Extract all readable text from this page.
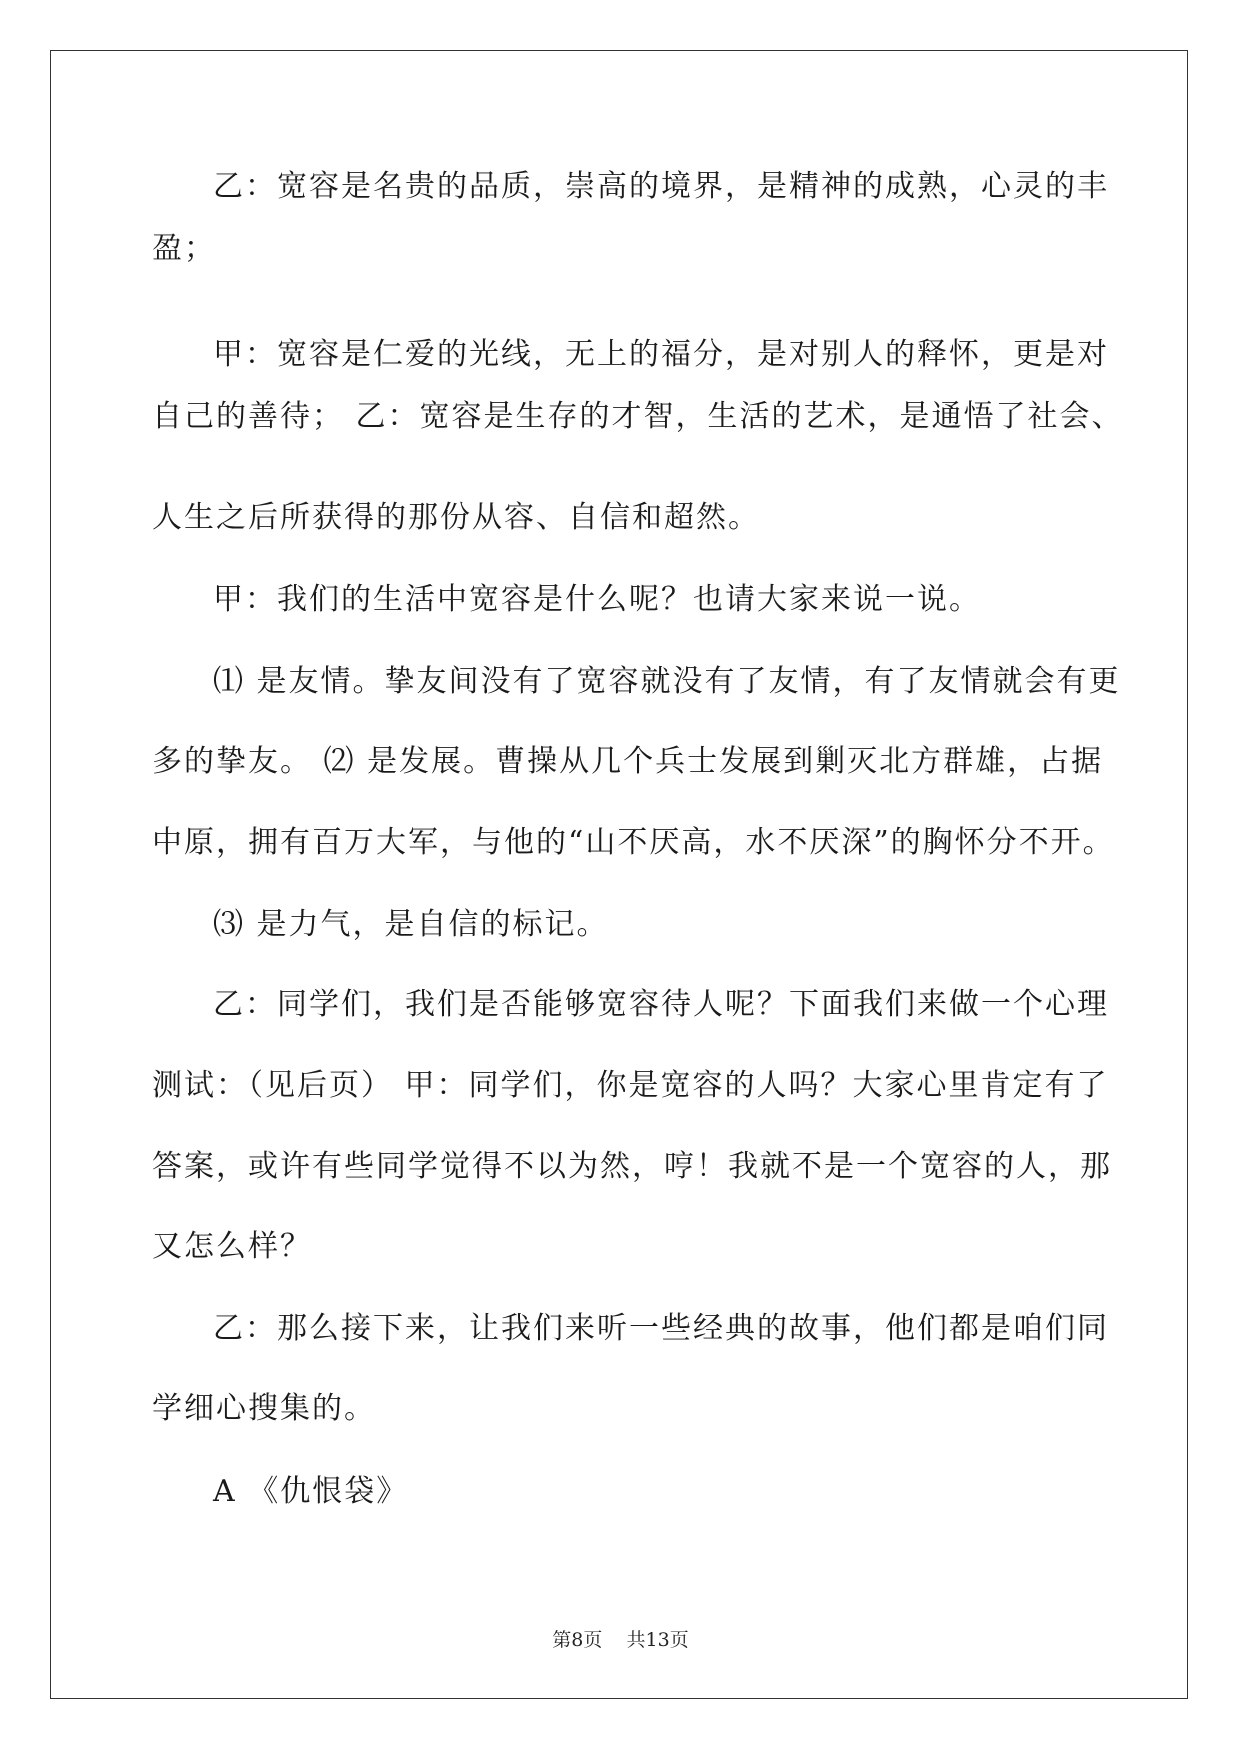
乙：宽容是名贵的品质，崇高的境界，是精神的成熟，心灵的丰
盈；
甲：宽容是仁爱的光线，无上的福分，是对别人的释怀，更是对
自己的善待； 乙：宽容是生存的才智，生活的艺术，是通悟了社会、
人生之后所获得的那份从容、自信和超然。
甲：我们的生活中宽容是什么呢？也请大家来说一说。
⑴ 是友情。挚友间没有了宽容就没有了友情，有了友情就会有更
多的挚友。 ⑵ 是发展。曹操从几个兵士发展到剿灭北方群雄，占据
中原，拥有百万大军，与他的“山不厌高，水不厌深”的胸怀分不开。
⑶ 是力气，是自信的标记。
乙：同学们，我们是否能够宽容待人呢？下面我们来做一个心理
测试：（见后页） 甲：同学们，你是宽容的人吗？大家心里肯定有了
答案，或许有些同学觉得不以为然，哼！我就不是一个宽容的人，那
又怎么样？
乙：那么接下来，让我们来听一些经典的故事，他们都是咱们同
学细心搜集的。
A 《仇恨袋》
第8页    共13页
